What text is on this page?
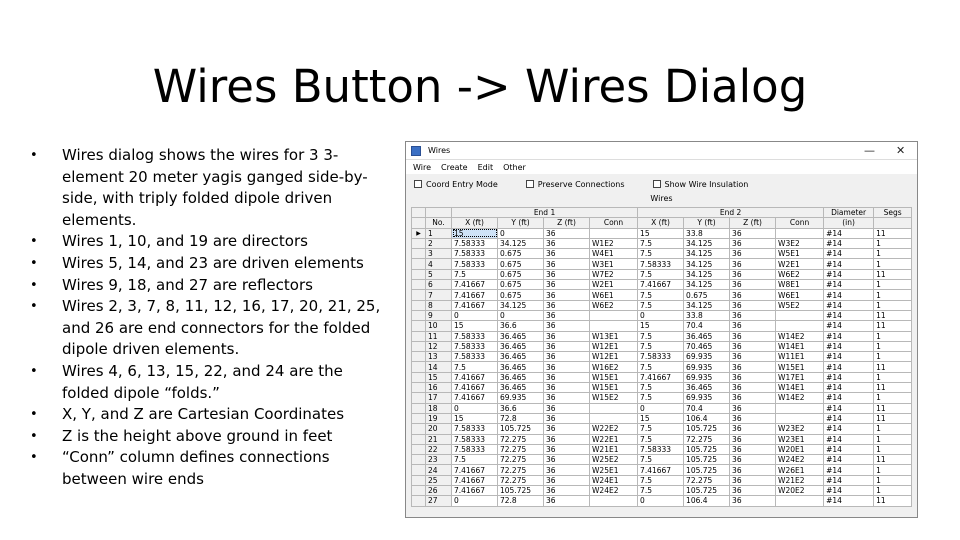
Wires Button -> Wires Dialog
• Wires dialog shows the wires for 3 3-element 20 meter yagis ganged side-by-side, with triply folded dipole driven elements.
• Wires 1, 10, and 19 are directors
• Wires 5, 14, and 23 are driven elements
• Wires 9, 18, and 27 are reflectors
• Wires 2, 3, 7, 8, 11, 12, 16, 17, 20, 21, 25, and 26 are end connectors for the folded dipole driven elements.
• Wires 4, 6, 13, 15, 22, and 24 are the folded dipole “folds.”
• X, Y, and Z are Cartesian Coordinates
• Z is the height above ground in feet
• “Conn” column defines connections between wire ends
Wires	— ✕
Wire Create Edit Other
Coord Entry Mode	Preserve Connections	Show Wire Insulation
Wires
		End 1				End 2				Diameter	Segs
	No.	X (ft)	Y (ft)	Z (ft)	Conn	X (ft)	Y (ft)	Z (ft)	Conn	(in)	
▶	1	15	0	36		15	33.8	36		#14	11
	2	7.58333	34.125	36	W1E2	7.5	34.125	36	W3E2	#14	1
	3	7.58333	0.675	36	W4E1	7.5	34.125	36	W5E1	#14	1
	4	7.58333	0.675	36	W3E1	7.58333	34.125	36	W2E1	#14	1
	5	7.5	0.675	36	W7E2	7.5	34.125	36	W6E2	#14	11
	6	7.41667	0.675	36	W2E1	7.41667	34.125	36	W8E1	#14	1
	7	7.41667	0.675	36	W6E1	7.5	0.675	36	W6E1	#14	1
	8	7.41667	34.125	36	W6E2	7.5	34.125	36	W5E2	#14	1
	9	0	0	36		0	33.8	36		#14	11
	10	15	36.6	36		15	70.4	36		#14	11
	11	7.58333	36.465	36	W13E1	7.5	36.465	36	W14E2	#14	1
	12	7.58333	36.465	36	W12E1	7.5	70.465	36	W14E1	#14	1
	13	7.58333	36.465	36	W12E1	7.58333	69.935	36	W11E1	#14	1
	14	7.5	36.465	36	W16E2	7.5	69.935	36	W15E1	#14	11
	15	7.41667	36.465	36	W15E1	7.41667	69.935	36	W17E1	#14	1
	16	7.41667	36.465	36	W15E1	7.5	36.465	36	W14E1	#14	11
	17	7.41667	69.935	36	W15E2	7.5	69.935	36	W14E2	#14	1
	18	0	36.6	36		0	70.4	36		#14	11
	19	15	72.8	36		15	106.4	36		#14	11
	20	7.58333	105.725	36	W22E2	7.5	105.725	36	W23E2	#14	1
	21	7.58333	72.275	36	W22E1	7.5	72.275	36	W23E1	#14	1
	22	7.58333	72.275	36	W21E1	7.58333	105.725	36	W20E1	#14	1
	23	7.5	72.275	36	W25E2	7.5	105.725	36	W24E2	#14	11
	24	7.41667	72.275	36	W25E1	7.41667	105.725	36	W26E1	#14	1
	25	7.41667	72.275	36	W24E1	7.5	72.275	36	W21E2	#14	1
	26	7.41667	105.725	36	W24E2	7.5	105.725	36	W20E2	#14	1
	27	0	72.8	36		0	106.4	36		#14	11
